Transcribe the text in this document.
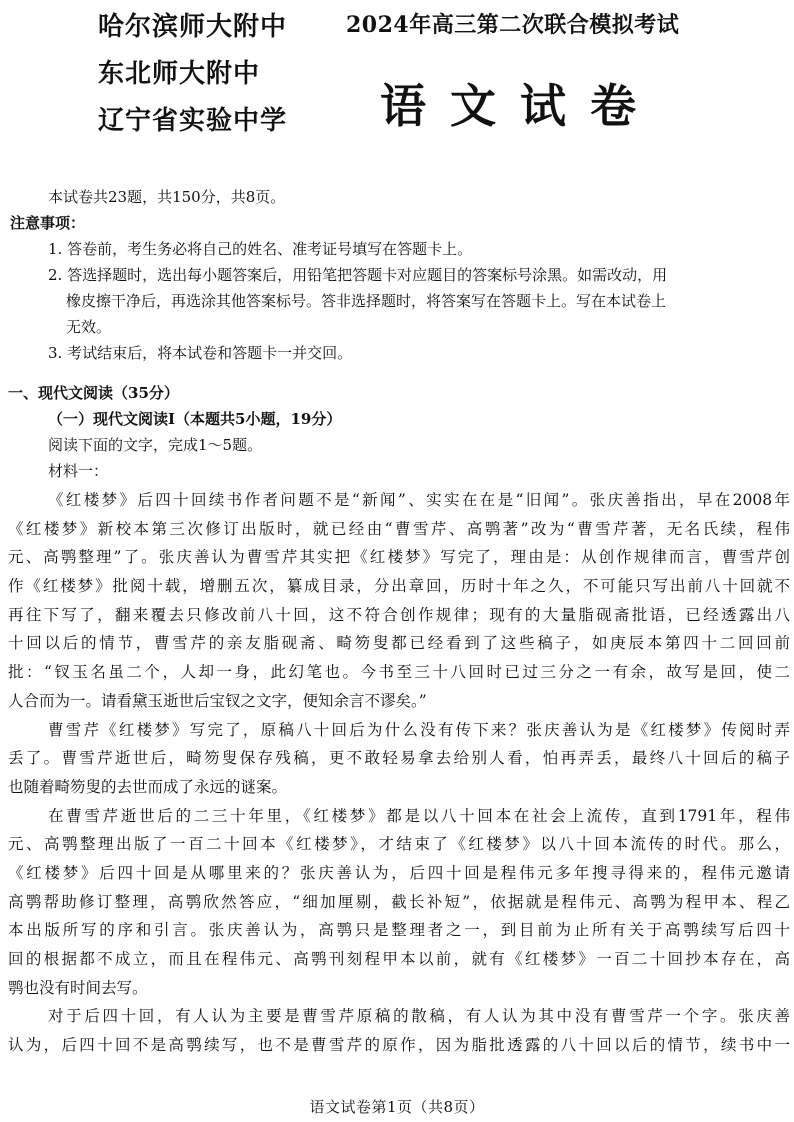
哈尔滨师大附中
东北师大附中
辽宁省实验中学
2024年高三第二次联合模拟考试
语文试卷
本试卷共23题，共150分，共8页。
注意事项：
1. 答卷前，考生务必将自己的姓名、准考证号填写在答题卡上。
2. 答选择题时，选出每小题答案后，用铅笔把答题卡对应题目的答案标号涂黑。如需改动，用
橡皮擦干净后，再选涂其他答案标号。答非选择题时，将答案写在答题卡上。写在本试卷上
无效。
3. 考试结束后，将本试卷和答题卡一并交回。
一、现代文阅读（35分）
（一）现代文阅读Ⅰ（本题共5小题，19分）
阅读下面的文字，完成1～5题。
材料一：
《红楼梦》后四十回续书作者问题不是“新闻”、实实在在是“旧闻”。张庆善指出，早在2008年
《红楼梦》新校本第三次修订出版时，就已经由“曹雪芹、高鹗著”改为“曹雪芹著，无名氏续，程伟
元、高鹗整理”了。张庆善认为曹雪芹其实把《红楼梦》写完了，理由是：从创作规律而言，曹雪芹创
作《红楼梦》批阅十载，增删五次，纂成目录，分出章回，历时十年之久，不可能只写出前八十回就不
再往下写了，翻来覆去只修改前八十回，这不符合创作规律；现有的大量脂砚斋批语，已经透露出八
十回以后的情节，曹雪芹的亲友脂砚斋、畸笏叟都已经看到了这些稿子，如庚辰本第四十二回回前
批：“钗玉名虽二个，人却一身，此幻笔也。今书至三十八回时已过三分之一有余，故写是回，使二
人合而为一。请看黛玉逝世后宝钗之文字，便知余言不谬矣。”
曹雪芹《红楼梦》写完了，原稿八十回后为什么没有传下来？张庆善认为是《红楼梦》传阅时弄
丢了。曹雪芹逝世后，畸笏叟保存残稿，更不敢轻易拿去给别人看，怕再弄丢，最终八十回后的稿子
也随着畸笏叟的去世而成了永远的谜案。
在曹雪芹逝世后的二三十年里，《红楼梦》都是以八十回本在社会上流传，直到1791年，程伟
元、高鹗整理出版了一百二十回本《红楼梦》，才结束了《红楼梦》以八十回本流传的时代。那么，
《红楼梦》后四十回是从哪里来的？张庆善认为，后四十回是程伟元多年搜寻得来的，程伟元邀请
高鹗帮助修订整理，高鹗欣然答应，“细加厘剔，截长补短”，依据就是程伟元、高鹗为程甲本、程乙
本出版所写的序和引言。张庆善认为，高鹗只是整理者之一，到目前为止所有关于高鹗续写后四十
回的根据都不成立，而且在程伟元、高鹗刊刻程甲本以前，就有《红楼梦》一百二十回抄本存在，高
鹗也没有时间去写。
对于后四十回，有人认为主要是曹雪芹原稿的散稿，有人认为其中没有曹雪芹一个字。张庆善
认为，后四十回不是高鹗续写，也不是曹雪芹的原作，因为脂批透露的八十回以后的情节，续书中一
语文试卷第1页（共8页）
